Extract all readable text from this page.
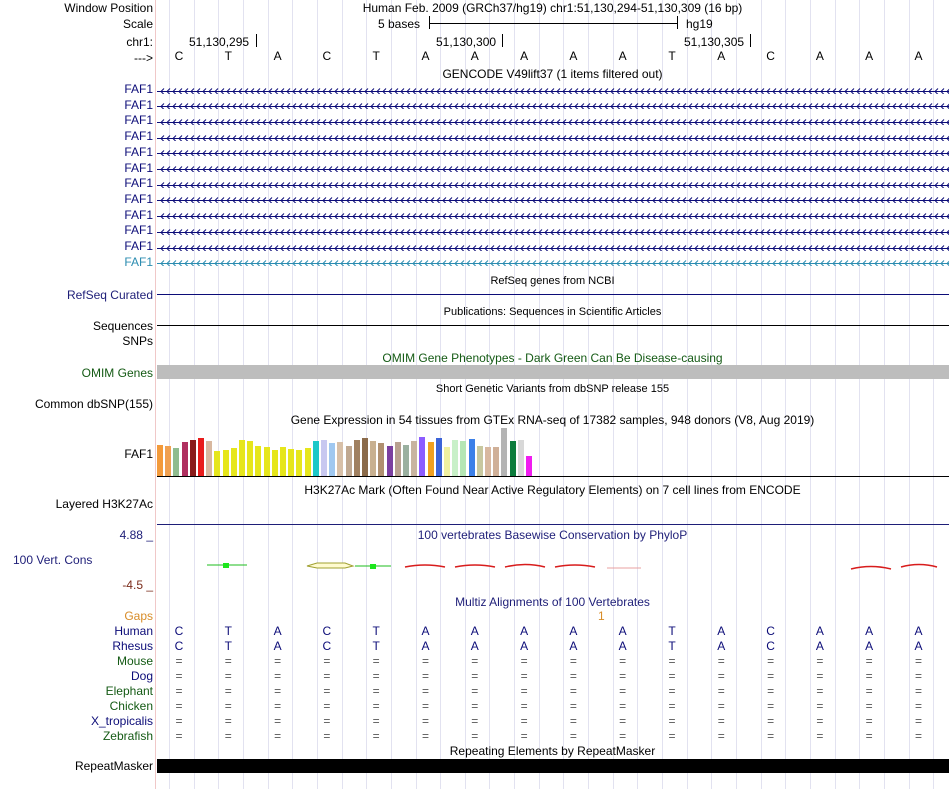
Window Position	Human Feb. 2009 (GRCh37/hg19) chr1:51,130,294-51,130,309 (16 bp)
Scale	5 bases	hg19
chr1:	51,130,295	51,130,300	51,130,305
--->	C	T	A	C	T	A	A	A	A	A	T	A	C	A	A	A
GENCODE V49lift37 (1 items filtered out)
FAF1
FAF1
FAF1
FAF1
FAF1
FAF1
FAF1
FAF1
FAF1
FAF1
FAF1
FAF1
RefSeq genes from NCBI
RefSeq Curated
Publications: Sequences in Scientific Articles
Sequences
SNPs
OMIM Gene Phenotypes - Dark Green Can Be Disease-causing
OMIM Genes
Short Genetic Variants from dbSNP release 155
Common dbSNP(155)
Gene Expression in 54 tissues from GTEx RNA-seq of 17382 samples, 948 donors (V8, Aug 2019)
FAF1
H3K27Ac Mark (Often Found Near Active Regulatory Elements) on 7 cell lines from ENCODE
Layered H3K27Ac
100 vertebrates Basewise Conservation by PhyloP
4.88 _
100 Vert. Cons
-4.5 _
Multiz Alignments of 100 Vertebrates
Gaps	1
Human	C	T	A	C	T	A	A	A	A	A	T	A	C	A	A	A
Rhesus	C	T	A	C	T	A	A	A	A	A	T	A	C	A	A	A
Mouse	=	=	=	=	=	=	=	=	=	=	=	=	=	=	=	=
Dog	=	=	=	=	=	=	=	=	=	=	=	=	=	=	=	=
Elephant	=	=	=	=	=	=	=	=	=	=	=	=	=	=	=	=
Chicken	=	=	=	=	=	=	=	=	=	=	=	=	=	=	=	=
X_tropicalis	=	=	=	=	=	=	=	=	=	=	=	=	=	=	=	=
Zebrafish	=	=	=	=	=	=	=	=	=	=	=	=	=	=	=	=
Repeating Elements by RepeatMasker
RepeatMasker
